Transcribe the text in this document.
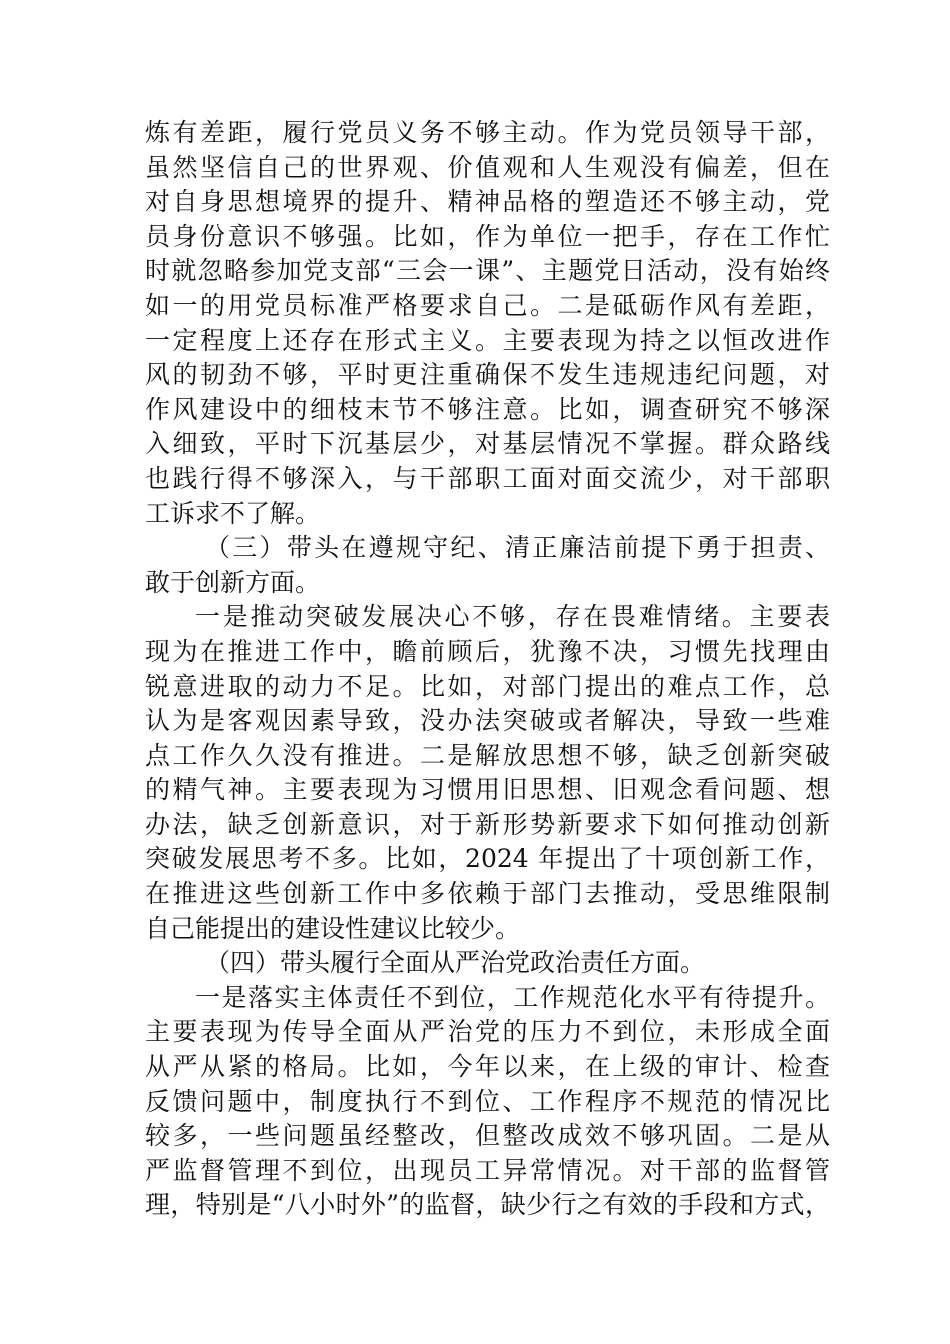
炼有差距，履行党员义务不够主动。作为党员领导干部，
虽然坚信自己的世界观、价值观和人生观没有偏差，但在
对自身思想境界的提升、精神品格的塑造还不够主动，党
员身份意识不够强。比如，作为单位一把手，存在工作忙
时就忽略参加党支部“三会一课”、主题党日活动，没有始终
如一的用党员标准严格要求自己。二是砥砺作风有差距，
一定程度上还存在形式主义。主要表现为持之以恒改进作
风的韧劲不够，平时更注重确保不发生违规违纪问题，对
作风建设中的细枝末节不够注意。比如，调查研究不够深
入细致，平时下沉基层少，对基层情况不掌握。群众路线
也践行得不够深入，与干部职工面对面交流少，对干部职
工诉求不了解。
（三）带头在遵规守纪、清正廉洁前提下勇于担责、
敢于创新方面。
一是推动突破发展决心不够，存在畏难情绪。主要表
现为在推进工作中，瞻前顾后，犹豫不决，习惯先找理由
锐意进取的动力不足。比如，对部门提出的难点工作，总
认为是客观因素导致，没办法突破或者解决，导致一些难
点工作久久没有推进。二是解放思想不够，缺乏创新突破
的精气神。主要表现为习惯用旧思想、旧观念看问题、想
办法，缺乏创新意识，对于新形势新要求下如何推动创新
突破发展思考不多。比如，2024 年提出了十项创新工作，
在推进这些创新工作中多依赖于部门去推动，受思维限制
自己能提出的建设性建议比较少。
（四）带头履行全面从严治党政治责任方面。
一是落实主体责任不到位，工作规范化水平有待提升。
主要表现为传导全面从严治党的压力不到位，未形成全面
从严从紧的格局。比如，今年以来，在上级的审计、检查
反馈问题中，制度执行不到位、工作程序不规范的情况比
较多，一些问题虽经整改，但整改成效不够巩固。二是从
严监督管理不到位，出现员工异常情况。对干部的监督管
理，特别是“八小时外”的监督，缺少行之有效的手段和方式，
